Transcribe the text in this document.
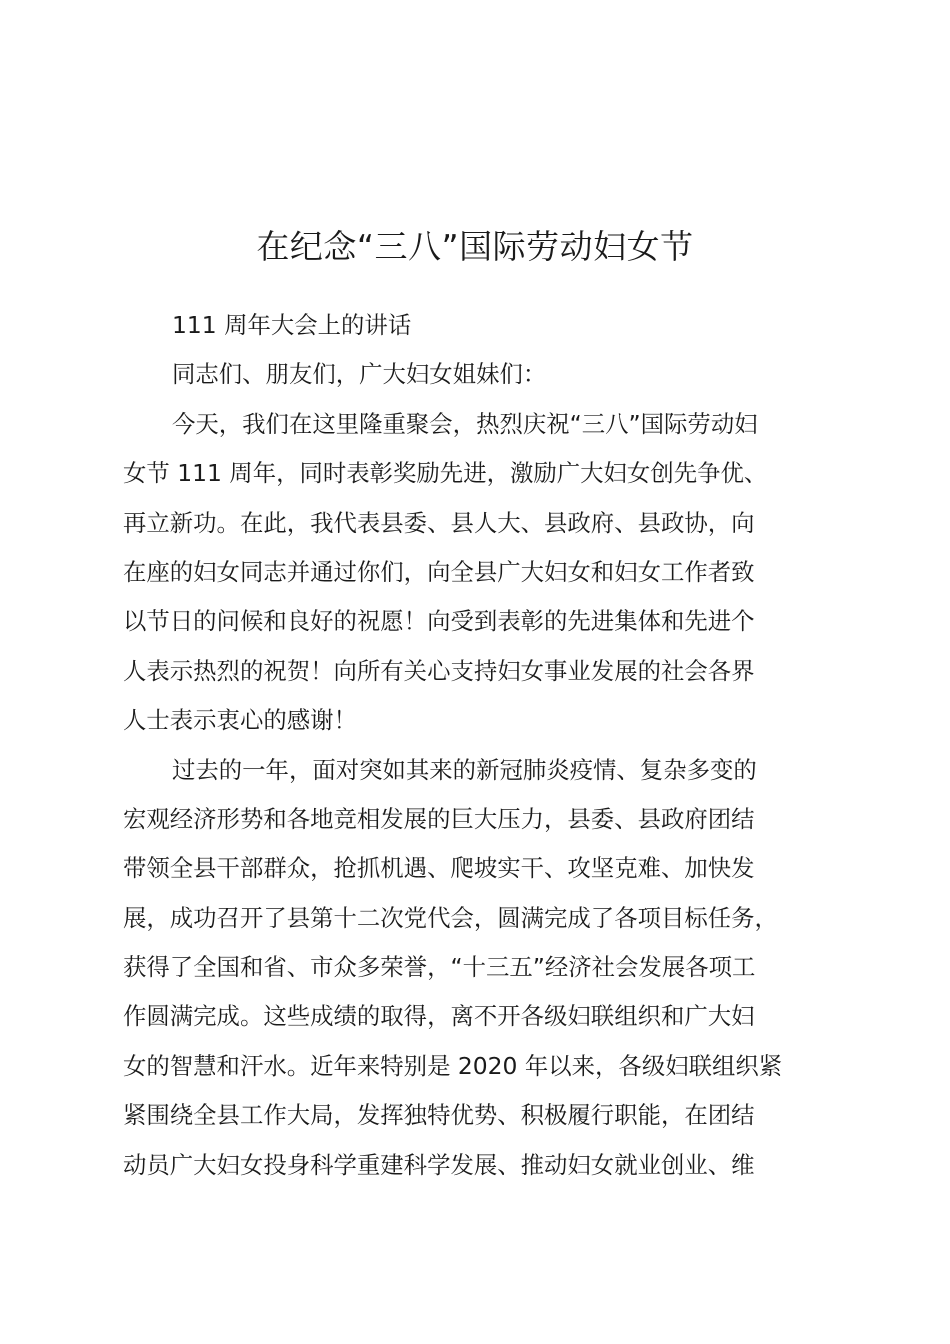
在纪念“三八”国际劳动妇女节

111 周年大会上的讲话

同志们、朋友们，广大妇女姐妹们：

今天，我们在这里隆重聚会，热烈庆祝“三八”国际劳动妇

女节 111 周年，同时表彰奖励先进，激励广大妇女创先争优、

再立新功。在此，我代表县委、县人大、县政府、县政协，向

在座的妇女同志并通过你们，向全县广大妇女和妇女工作者致

以节日的问候和良好的祝愿！向受到表彰的先进集体和先进个

人表示热烈的祝贺！向所有关心支持妇女事业发展的社会各界

人士表示衷心的感谢！

过去的一年，面对突如其来的新冠肺炎疫情、复杂多变的

宏观经济形势和各地竞相发展的巨大压力，县委、县政府团结

带领全县干部群众，抢抓机遇、爬坡实干、攻坚克难、加快发

展，成功召开了县第十二次党代会，圆满完成了各项目标任务，

获得了全国和省、市众多荣誉，“十三五”经济社会发展各项工

作圆满完成。这些成绩的取得，离不开各级妇联组织和广大妇

女的智慧和汗水。近年来特别是 2020 年以来，各级妇联组织紧

紧围绕全县工作大局，发挥独特优势、积极履行职能，在团结

动员广大妇女投身科学重建科学发展、推动妇女就业创业、维
